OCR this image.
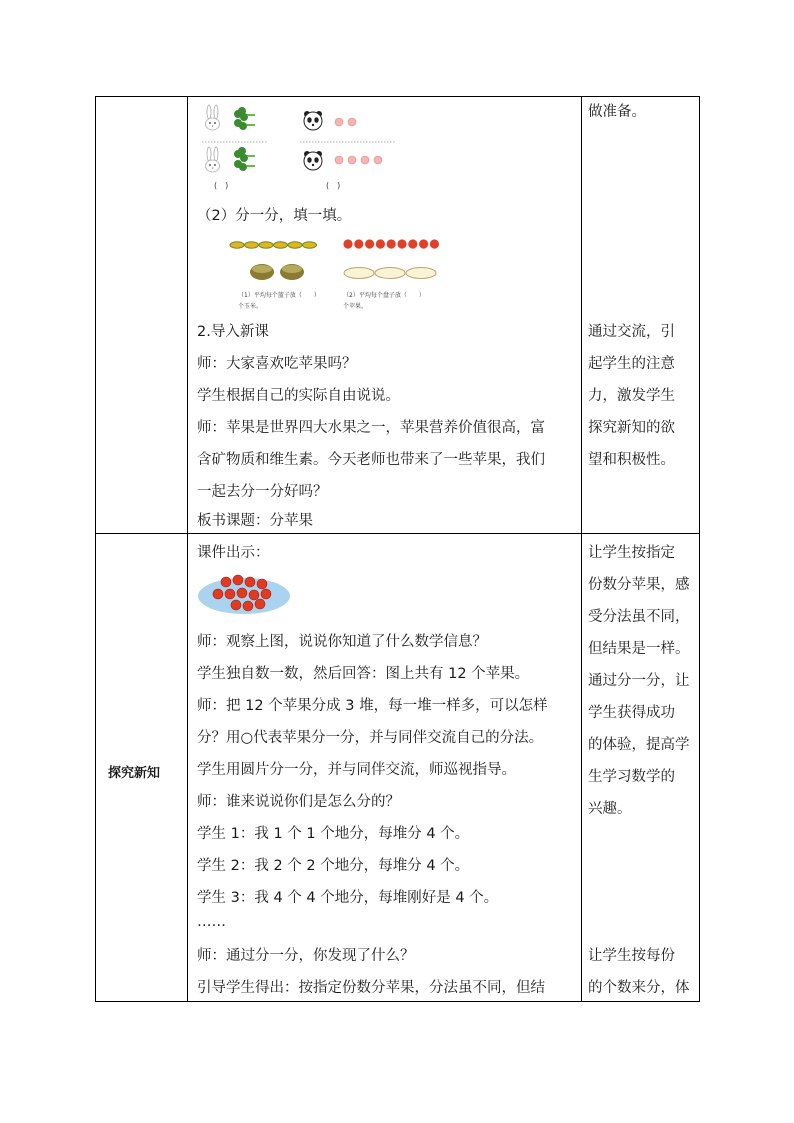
探究新知
(　)	(　)
（2）分一分，填一填。
（1）平均每个篮子放（　　）
个玉米。
（2）平均每个盘子放（　　）
个苹果。
2.导入新课
师：大家喜欢吃苹果吗？
学生根据自己的实际自由说说。
师：苹果是世界四大水果之一，苹果营养价值很高，富
含矿物质和维生素。今天老师也带来了一些苹果，我们
一起去分一分好吗？
板书课题：分苹果
课件出示：
师：观察上图，说说你知道了什么数学信息？
学生独自数一数，然后回答：图上共有 12 个苹果。
师：把 12 个苹果分成 3 堆，每一堆一样多，可以怎样
分？用○代表苹果分一分，并与同伴交流自己的分法。
学生用圆片分一分，并与同伴交流，师巡视指导。
师：谁来说说你们是怎么分的？
学生 1：我 1 个 1 个地分，每堆分 4 个。
学生 2：我 2 个 2 个地分，每堆分 4 个。
学生 3：我 4 个 4 个地分，每堆刚好是 4 个。
……
师：通过分一分，你发现了什么？
引导学生得出：按指定份数分苹果，分法虽不同，但结
做准备。
通过交流，引
起学生的注意
力，激发学生
探究新知的欲
望和积极性。
让学生按指定
份数分苹果，感
受分法虽不同，
但结果是一样。
通过分一分，让
学生获得成功
的体验，提高学
生学习数学的
兴趣。
让学生按每份
的个数来分，体
